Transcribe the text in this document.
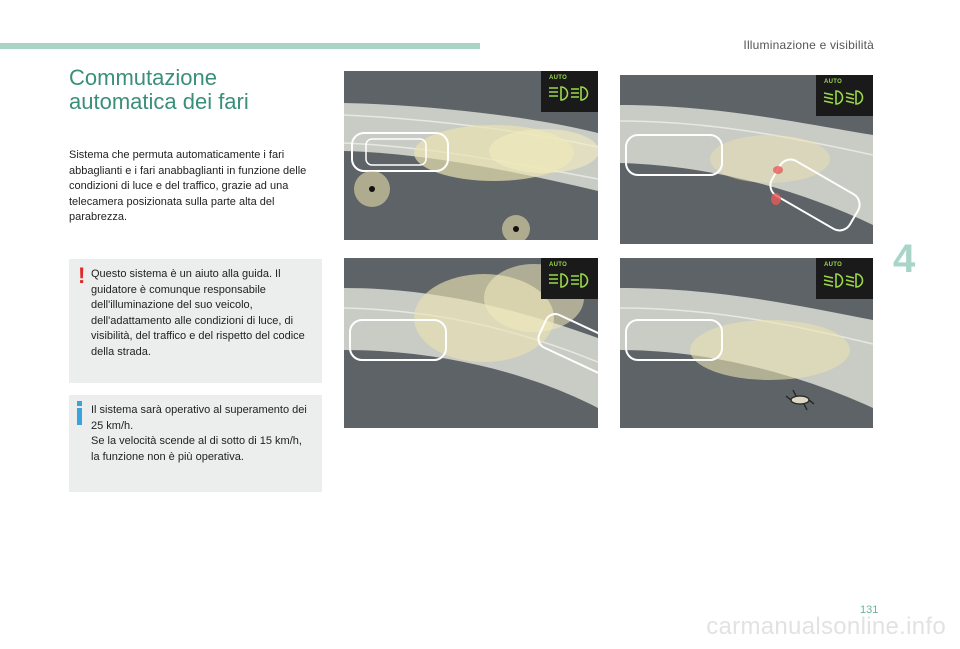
Illuminazione e visibilità
Commutazione
automatica dei fari

Sistema che permuta automaticamente i fari abbaglianti e i fari anabbaglianti in funzione delle condizioni di luce e del traffico, grazie ad una telecamera posizionata sulla parte alta del parabrezza.

! Questo sistema è un aiuto alla guida. Il guidatore è comunque responsabile dell'illuminazione del suo veicolo, dell'adattamento alle condizioni di luce, di visibilità, del traffico e del rispetto del codice della strada.

Il sistema sarà operativo al superamento dei 25 km/h.

Se la velocità scende al di sotto di 15 km/h, la funzione non è più operativa.

AUTO
AUTO
AUTO	AUTO 4
131
carmanualsonline.info
